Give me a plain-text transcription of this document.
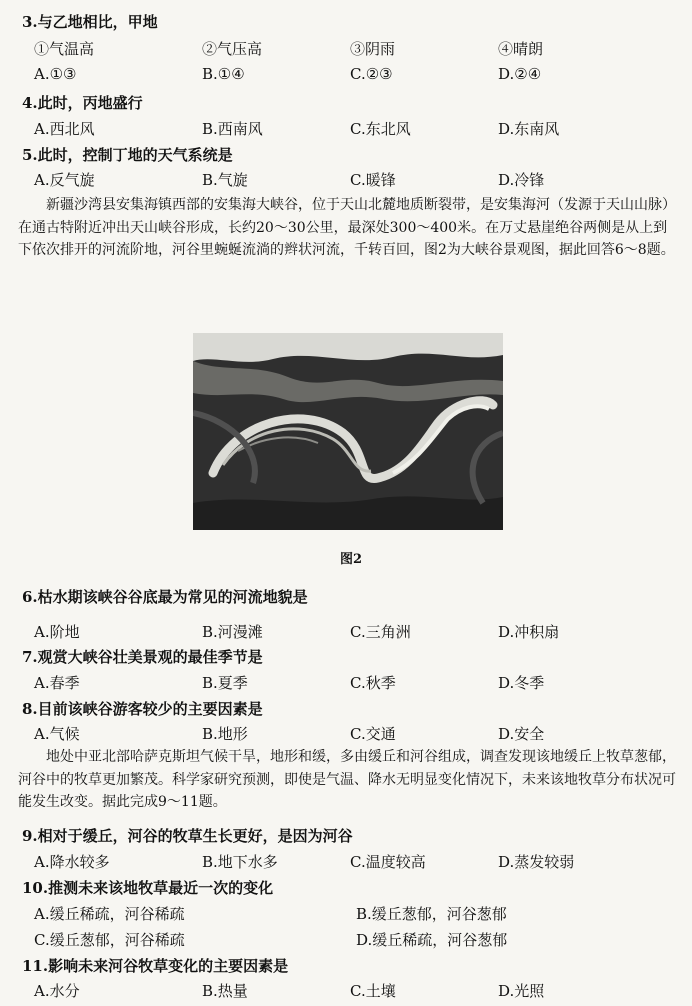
3.与乙地相比，甲地
①气温高	②气压高	③阴雨	④晴朗
A.①③	B.①④	C.②③	D.②④
4.此时，丙地盛行
A.西北风	B.西南风	C.东北风	D.东南风
5.此时，控制丁地的天气系统是
A.反气旋	B.气旋	C.暖锋	D.冷锋
新疆沙湾县安集海镇西部的安集海大峡谷，位于天山北麓地质断裂带，是安集海河（发源于天山山脉）在通古特附近冲出天山峡谷形成，长约20～30公里，最深处300～400米。在万丈悬崖绝谷两侧是从上到下依次排开的河流阶地，河谷里蜿蜒流淌的辫状河流，千转百回，图2为大峡谷景观图，据此回答6～8题。
图2
6.枯水期该峡谷谷底最为常见的河流地貌是
A.阶地	B.河漫滩	C.三角洲	D.冲积扇
7.观赏大峡谷壮美景观的最佳季节是
A.春季	B.夏季	C.秋季	D.冬季
8.目前该峡谷游客较少的主要因素是
A.气候	B.地形	C.交通	D.安全
地处中亚北部哈萨克斯坦气候干旱，地形和缓，多由缓丘和河谷组成，调查发现该地缓丘上牧草葱郁，河谷中的牧草更加繁茂。科学家研究预测，即使是气温、降水无明显变化情况下，未来该地牧草分布状况可能发生改变。据此完成9～11题。
9.相对于缓丘，河谷的牧草生长更好，是因为河谷
A.降水较多	B.地下水多	C.温度较高	D.蒸发较弱
10.推测未来该地牧草最近一次的变化
A.缓丘稀疏，河谷稀疏	B.缓丘葱郁，河谷葱郁
C.缓丘葱郁，河谷稀疏	D.缓丘稀疏，河谷葱郁
11.影响未来河谷牧草变化的主要因素是
A.水分	B.热量	C.土壤	D.光照
